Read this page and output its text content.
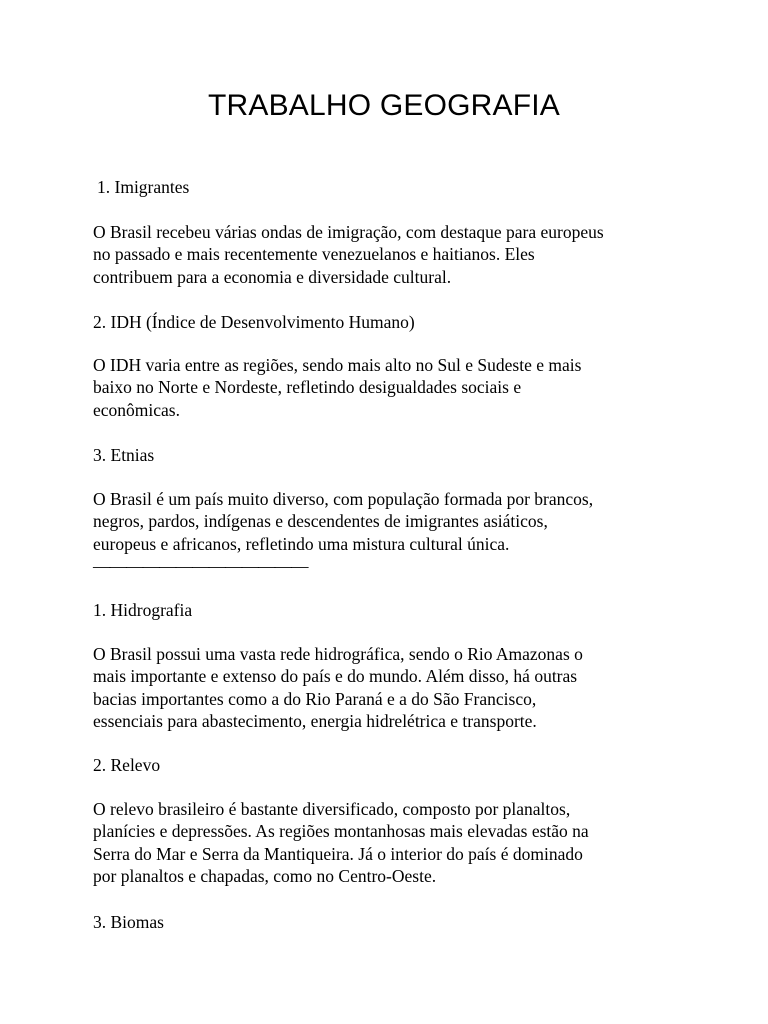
TRABALHO GEOGRAFIA
1. Imigrantes
O Brasil recebeu várias ondas de imigração, com destaque para europeus
no passado e mais recentemente venezuelanos e haitianos. Eles
contribuem para a economia e diversidade cultural.
2. IDH (Índice de Desenvolvimento Humano)
O IDH varia entre as regiões, sendo mais alto no Sul e Sudeste e mais
baixo no Norte e Nordeste, refletindo desigualdades sociais e
econômicas.
3. Etnias
O Brasil é um país muito diverso, com população formada por brancos,
negros, pardos, indígenas e descendentes de imigrantes asiáticos,
europeus e africanos, refletindo uma mistura cultural única.
—————————————
1. Hidrografia
O Brasil possui uma vasta rede hidrográfica, sendo o Rio Amazonas o
mais importante e extenso do país e do mundo. Além disso, há outras
bacias importantes como a do Rio Paraná e a do São Francisco,
essenciais para abastecimento, energia hidrelétrica e transporte.
2. Relevo
O relevo brasileiro é bastante diversificado, composto por planaltos,
planícies e depressões. As regiões montanhosas mais elevadas estão na
Serra do Mar e Serra da Mantiqueira. Já o interior do país é dominado
por planaltos e chapadas, como no Centro-Oeste.
3. Biomas
